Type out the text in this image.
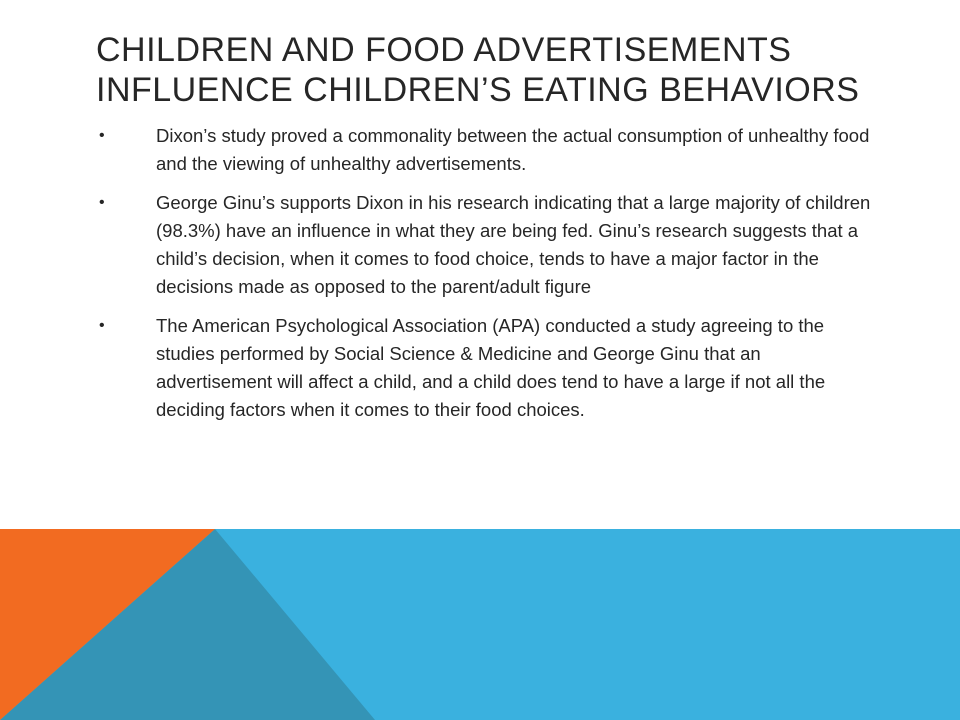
CHILDREN AND FOOD ADVERTISEMENTS
INFLUENCE CHILDREN’S EATING BEHAVIORS
•	Dixon’s study proved a commonality between the actual consumption of unhealthy food and the viewing of unhealthy advertisements.
•	George Ginu’s supports Dixon in his research indicating that a large majority of children (98.3%) have an influence in what they are being fed. Ginu’s research suggests that a child’s decision, when it comes to food choice, tends to have a major factor in the decisions made as opposed to the parent/adult figure
•	The American Psychological Association (APA) conducted a study agreeing to the studies performed by Social Science & Medicine and George Ginu that an advertisement will affect a child, and a child does tend to have a large if not all the deciding factors when it comes to their food choices.
